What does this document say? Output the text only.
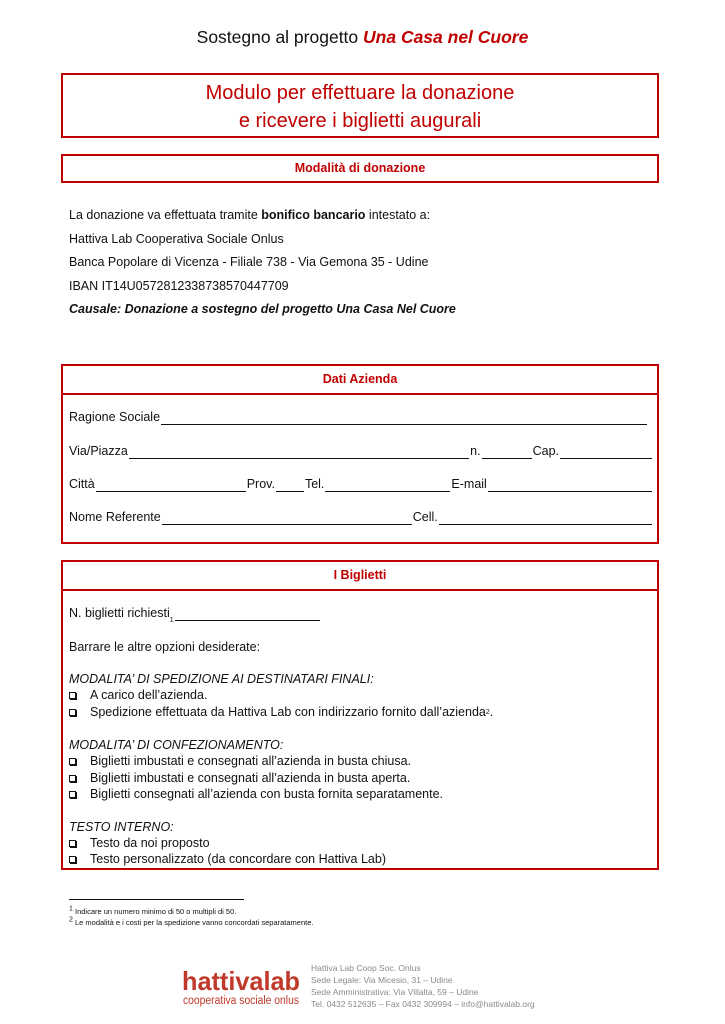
Sostegno al progetto Una Casa nel Cuore
Modulo per effettuare la donazione
e ricevere i biglietti augurali
Modalità di donazione
La donazione va effettuata tramite bonifico bancario intestato a:
Hattiva Lab Cooperativa Sociale Onlus
Banca Popolare di Vicenza - Filiale 738 - Via Gemona 35 - Udine
IBAN IT14U0572812338738570447709
Causale: Donazione a sostegno del progetto Una Casa Nel Cuore
Dati Azienda
Ragione Sociale
Via/Piazza	n.	Cap.
Città	Prov. Tel.	E-mail
Nome Referente	Cell.
I Biglietti
N. biglietti richiesti
1
Barrare le altre opzioni desiderate:
MODALITA’ DI SPEDIZIONE AI DESTINATARI FINALI:
A carico dell’azienda.
Spedizione effettuata da Hattiva Lab con indirizzario fornito dall’azienda 2 .
MODALITA’ DI CONFEZIONAMENTO:
Biglietti imbustati e consegnati all’azienda in busta chiusa.
Biglietti imbustati e consegnati all’azienda in busta aperta.
Biglietti consegnati all’azienda con busta fornita separatamente.
TESTO INTERNO:
Testo da noi proposto
Testo personalizzato (da concordare con Hattiva Lab)
$^1$ Indicare un numero minimo di 50 o multipli di 50.
$^2$ Le modalità e i costi per la spedizione vanno concordati separatamente.
hattivalab
cooperativa sociale onlus
Hattiva Lab Coop Soc. Onlus
Sede Legale: Via Micesio, 31 – Udine
Sede Amministrativa: Via Villalta, 59 – Udine
Tel. 0432 512635 – Fax 0432 309994 – info@hattivalab.org
